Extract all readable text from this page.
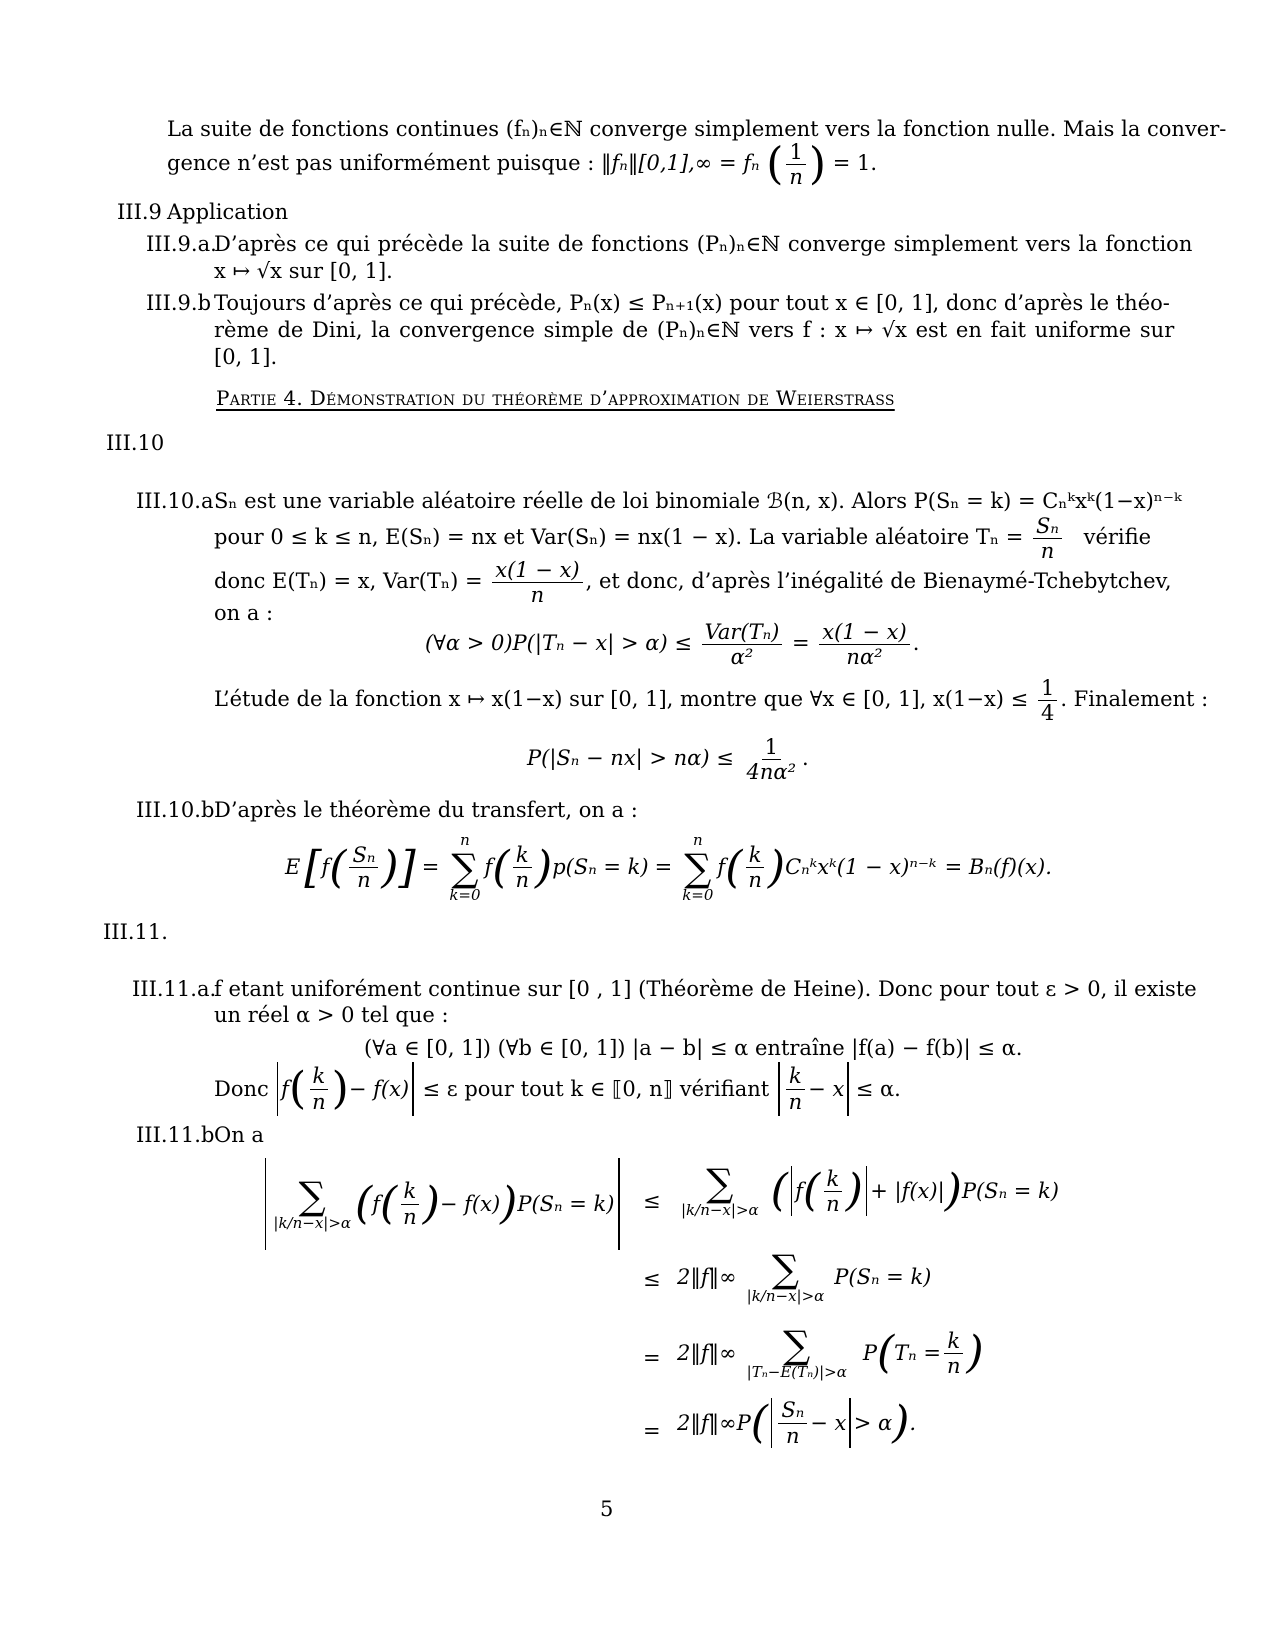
La suite de fonctions continues (fₙ)ₙ∈ℕ converge simplement vers la fonction nulle. Mais la conver-
gence n’est pas uniformément puisque : ‖fₙ‖[0,1],∞ = fₙ ( $\frac{1}{n}$ ) = 1.
III.9 Application
III.9.a.
D’après ce qui précède la suite de fonctions (Pₙ)ₙ∈ℕ converge simplement vers la fonction
x ↦ √x sur [0, 1].
III.9.b Toujours d’après ce qui précède, Pₙ(x) ≤ Pₙ₊₁(x) pour tout x ∈ [0, 1], donc d’après le théo-
rème de Dini, la convergence simple de (Pₙ)ₙ∈ℕ vers f : x ↦ √x est en fait uniforme sur
[0, 1].
Partie 4. Démonstration du théorème d’approximation de Weierstrass
III.10
III.10.a Sₙ est une variable aléatoire réelle de loi binomiale ℬ(n, x). Alors P(Sₙ = k) = Cₙᵏxᵏ(1−x)ⁿ⁻ᵏ
pour 0 ≤ k ≤ n, E(Sₙ) = nx et Var(Sₙ) = nx(1 − x). La variable aléatoire $T_n = \frac{\text{Sₙ}}{n}$ vérifie
donc E(Tₙ) = x, $Var(T_n) = \frac{x(1 - x)}{n}$ , et donc, d’après l’inégalité de Bienaymé-Tchebytchev,
on a :
(∀α > $0)P(|T_n - x| > \alpha) \le \frac{\text{Var(Tₙ)}}{\text{α²}} = \frac{x(1 - x)}{\text{nα²}}$ .
L’étude de la fonction x ↦ x(1−x) sur [0, 1], montre que ∀x ∈ [0, 1], $x(1-x) \le \frac{1}{4}$ . Finalement :
$P(|S_n - nx| > n\alpha) \le \frac{1}{\text{4nα²}}$ .
III.10.b D’après le théorème du transfert, on a :
E [ f ( $\frac{\text{Sₙ}}{n}$ ) ] =
n
∑
k=0
f ( $\frac{k}{n}$ ) p(Sₙ = k) =
n
∑
k=0
f ( $\frac{k}{n}$ ) Cₙᵏxᵏ(1 − x)ⁿ⁻ᵏ = Bₙ(f)(x).
III.11.
III.11.a.
f etant uniforément continue sur [0 , 1] (Théorème de Heine). Donc pour tout ε > 0, il existe
un réel α > 0 tel que :
(∀a ∈ [0, 1]) (∀b ∈ [0, 1]) |a − b| ≤ α entraîne |f(a) − f(b)| ≤ α.
Donc f ( $\frac{k}{n}$ ) − f(x) ≤ ε pour tout k ∈ ⟦0, n⟧ vérifiant $\frac{k}{n} - x \le \alpha$.
III.11.b On a
∑
|k/n−x|>α ( f ( $\frac{k}{n}$ ) − f(x) ) P(Sₙ = k) ≤ ∑
|k/n−x|>α ( f ( $\frac{k}{n}$ ) + |f(x)| ) P(Sₙ = k)
≤ 2‖f‖∞ ∑
|k/n−x|>α
P(Sₙ = k)
= 2‖f‖∞ ∑
|Tₙ−E(Tₙ)|>α
P ( $T_n = \frac{k}{n}$ )
= 2‖f‖∞P ( $\frac{\text{Sₙ}}{n} - x > \alpha$ ) .
5
